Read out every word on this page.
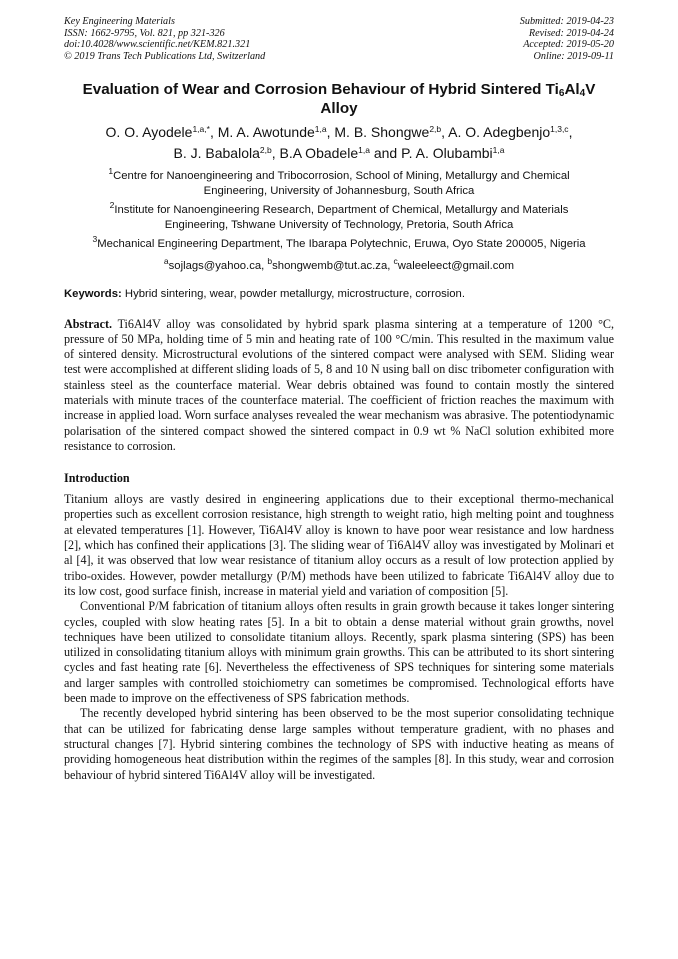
Key Engineering Materials
ISSN: 1662-9795, Vol. 821, pp 321-326
doi:10.4028/www.scientific.net/KEM.821.321
© 2019 Trans Tech Publications Ltd, Switzerland
Submitted: 2019-04-23
Revised: 2019-04-24
Accepted: 2019-05-20
Online: 2019-09-11
Evaluation of Wear and Corrosion Behaviour of Hybrid Sintered $Ti_6Al_4V$
Alloy
O. O. Ayodele$^{1,a,*}$, M. A. Awotunde$^{1,a}$, M. B. Shongwe$^{2,b}$, A. O. Adegbenjo$^{1,3,c}$,
B. J. Babalola$^{2,b}$, B.A Obadele$^{1,a}$ and P. A. Olubambi$^{1,a}$
$^1$Centre for Nanoengineering and Tribocorrosion, School of Mining, Metallurgy and Chemical
Engineering, University of Johannesburg, South Africa
$^2$Institute for Nanoengineering Research, Department of Chemical, Metallurgy and Materials
Engineering, Tshwane University of Technology, Pretoria, South Africa
$^3$Mechanical Engineering Department, The Ibarapa Polytechnic, Eruwa, Oyo State 200005, Nigeria
$^a$sojlags@yahoo.ca, $^b$shongwemb@tut.ac.za, $^c$waleeleect@gmail.com
Keywords: Hybrid sintering, wear, powder metallurgy, microstructure, corrosion.
Abstract. Ti6Al4V alloy was consolidated by hybrid spark plasma sintering at a temperature of 1200 °C, pressure of 50 MPa, holding time of 5 min and heating rate of 100 °C/min. This resulted in the maximum value of sintered density. Microstructural evolutions of the sintered compact were analysed with SEM. Sliding wear test were accomplished at different sliding loads of 5, 8 and 10 N using ball on disc tribometer configuration with stainless steel as the counterface material. Wear debris obtained was found to contain mostly the sintered materials with minute traces of the counterface material. The coefficient of friction reaches the maximum with increase in applied load. Worn surface analyses revealed the wear mechanism was abrasive. The potentiodynamic polarisation of the sintered compact showed the sintered compact in 0.9 wt % NaCl solution exhibited more resistance to corrosion.
Introduction
Titanium alloys are vastly desired in engineering applications due to their exceptional thermo-mechanical properties such as excellent corrosion resistance, high strength to weight ratio, high melting point and toughness at elevated temperatures [1]. However, Ti6Al4V alloy is known to have poor wear resistance and low hardness [2], which has confined their applications [3]. The sliding wear of Ti6Al4V alloy was investigated by Molinari et al [4], it was observed that low wear resistance of titanium alloy occurs as a result of low protection applied by tribo-oxides. However, powder metallurgy (P/M) methods have been utilized to fabricate Ti6Al4V alloy due to its low cost, good surface finish, increase in material yield and variation of composition [5].
Conventional P/M fabrication of titanium alloys often results in grain growth because it takes longer sintering cycles, coupled with slow heating rates [5]. In a bit to obtain a dense material without grain growths, novel techniques have been utilized to consolidate titanium alloys. Recently, spark plasma sintering (SPS) has been utilized in consolidating titanium alloys with minimum grain growths. This can be attributed to its short sintering cycles and fast heating rate [6]. Nevertheless the effectiveness of SPS techniques for sintering some materials and larger samples with controlled stoichiometry can sometimes be compromised. Technological efforts have been made to improve on the effectiveness of SPS fabrication methods.
The recently developed hybrid sintering has been observed to be the most superior consolidating technique that can be utilized for fabricating dense large samples without temperature gradient, with no phases and structural changes [7]. Hybrid sintering combines the technology of SPS with inductive heating as means of providing homogeneous heat distribution within the regimes of the samples [8]. In this study, wear and corrosion behaviour of hybrid sintered Ti6Al4V alloy will be investigated.
